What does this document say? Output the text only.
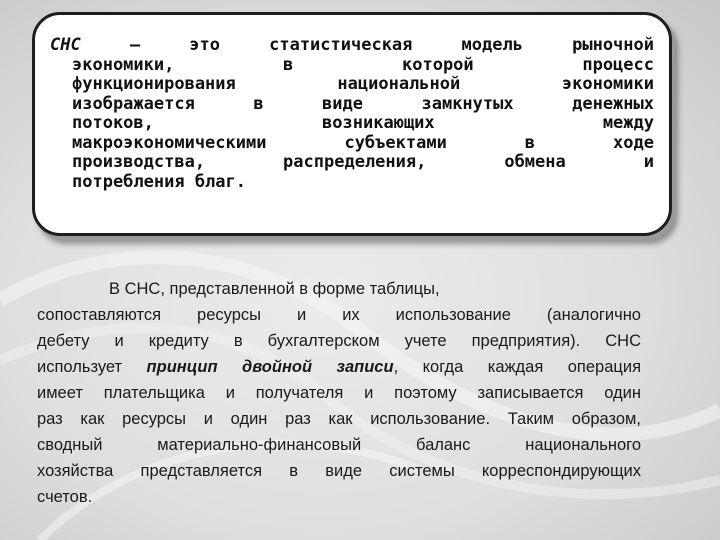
СНС – это статистическая модель рыночной
экономики, в которой процесс
функционирования национальной экономики
изображается в виде замкнутых денежных
потоков, возникающих между
макроэкономическими субъектами в ходе
производства, распределения, обмена и
потребления благ.
В СНС, представленной в форме таблицы,
сопоставляются ресурсы и их использование (аналогично
дебету и кредиту в бухгалтерском учете предприятия). СНС
использует принцип двойной записи, когда каждая операция
имеет плательщика и получателя и поэтому записывается один
раз как ресурсы и один раз как использование. Таким образом,
сводный материально-финансовый баланс национального
хозяйства представляется в виде системы корреспондирующих
счетов.
